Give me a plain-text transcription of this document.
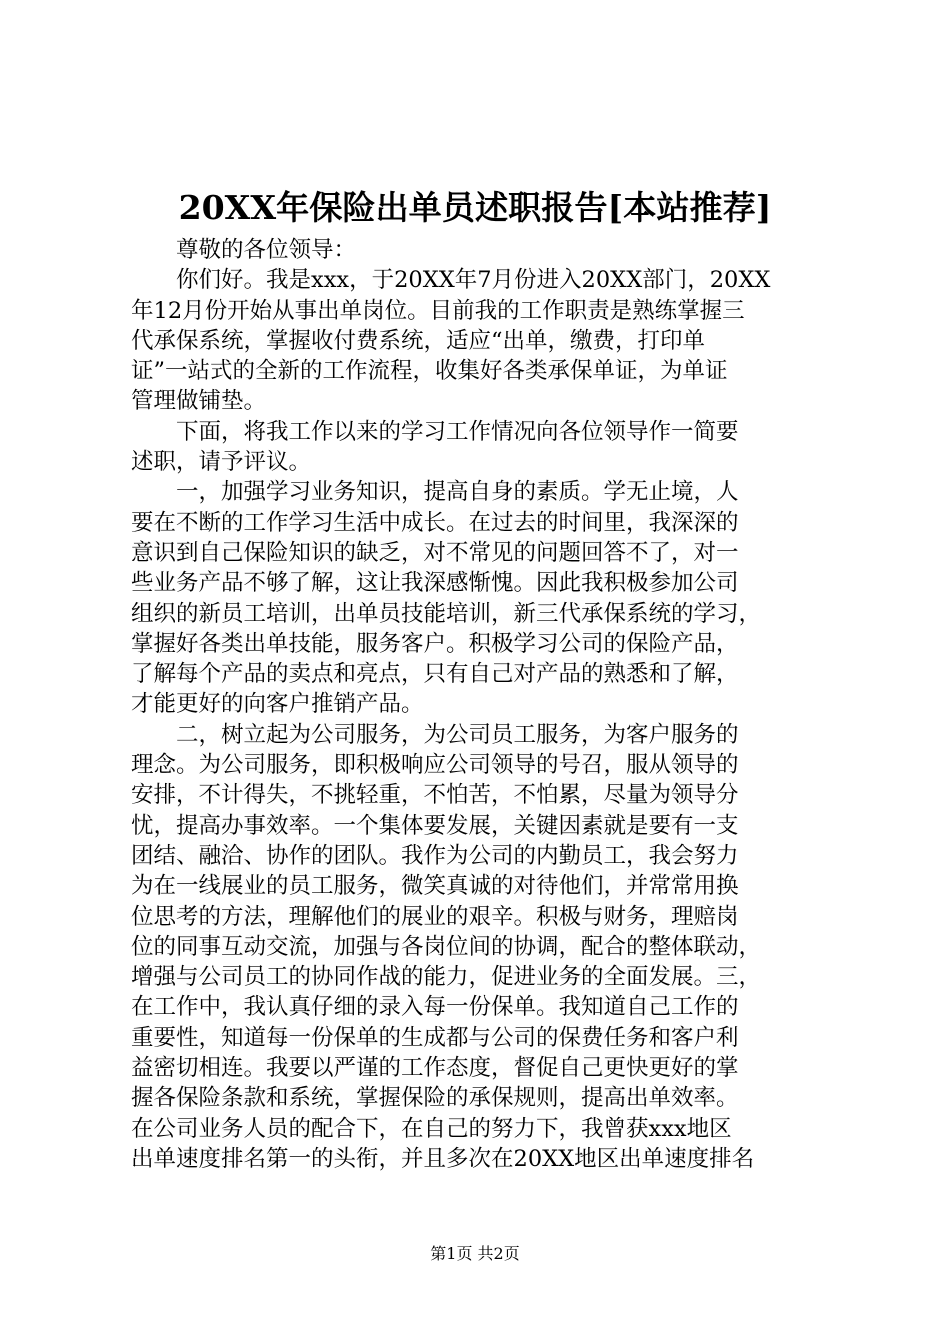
20XX年保险出单员述职报告[本站推荐]
尊敬的各位领导：
你们好。我是xxx，于20XX年7月份进入20XX部门，20XX
年12月份开始从事出单岗位。目前我的工作职责是熟练掌握三
代承保系统，掌握收付费系统，适应“出单，缴费，打印单
证”一站式的全新的工作流程，收集好各类承保单证，为单证
管理做铺垫。
下面，将我工作以来的学习工作情况向各位领导作一简要
述职，请予评议。
一，加强学习业务知识，提高自身的素质。学无止境，人
要在不断的工作学习生活中成长。在过去的时间里，我深深的
意识到自己保险知识的缺乏，对不常见的问题回答不了，对一
些业务产品不够了解，这让我深感惭愧。因此我积极参加公司
组织的新员工培训，出单员技能培训，新三代承保系统的学习，
掌握好各类出单技能，服务客户。积极学习公司的保险产品，
了解每个产品的卖点和亮点，只有自己对产品的熟悉和了解，
才能更好的向客户推销产品。
二，树立起为公司服务，为公司员工服务，为客户服务的
理念。为公司服务，即积极响应公司领导的号召，服从领导的
安排，不计得失，不挑轻重，不怕苦，不怕累，尽量为领导分
忧，提高办事效率。一个集体要发展，关键因素就是要有一支
团结、融洽、协作的团队。我作为公司的内勤员工，我会努力
为在一线展业的员工服务，微笑真诚的对待他们，并常常用换
位思考的方法，理解他们的展业的艰辛。积极与财务，理赔岗
位的同事互动交流，加强与各岗位间的协调，配合的整体联动，
增强与公司员工的协同作战的能力，促进业务的全面发展。三，
在工作中，我认真仔细的录入每一份保单。我知道自己工作的
重要性，知道每一份保单的生成都与公司的保费任务和客户利
益密切相连。我要以严谨的工作态度，督促自己更快更好的掌
握各保险条款和系统，掌握保险的承保规则，提高出单效率。
在公司业务人员的配合下，在自己的努力下，我曾获xxx地区
出单速度排名第一的头衔，并且多次在20XX地区出单速度排名
第1页 共2页
